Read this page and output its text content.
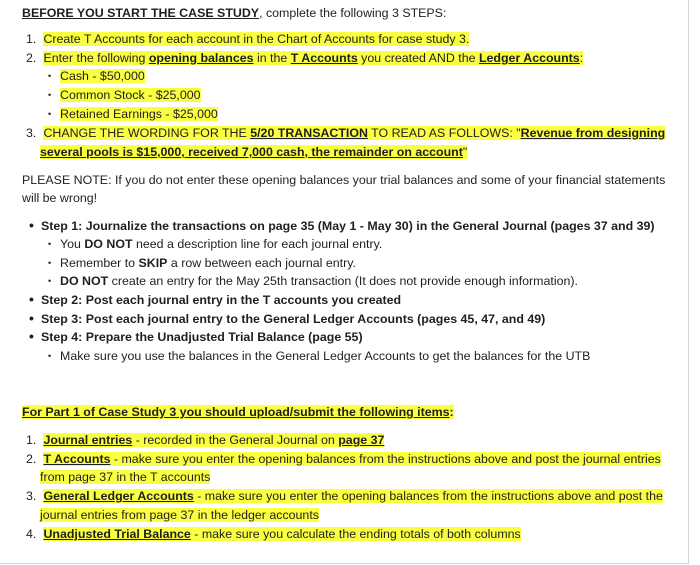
BEFORE YOU START THE CASE STUDY, complete the following 3 STEPS:
1. Create T Accounts for each account in the Chart of Accounts for case study 3.
2. Enter the following opening balances in the T Accounts you created AND the Ledger Accounts:
• Cash - $50,000
• Common Stock - $25,000
• Retained Earnings - $25,000
3. CHANGE THE WORDING FOR THE 5/20 TRANSACTION TO READ AS FOLLOWS: "Revenue from designing
several pools is $15,000, received 7,000 cash, the remainder on account"
PLEASE NOTE: If you do not enter these opening balances your trial balances and some of your financial statements
will be wrong!
• Step 1: Journalize the transactions on page 35 (May 1 - May 30) in the General Journal (pages 37 and 39)
• You DO NOT need a description line for each journal entry.
• Remember to SKIP a row between each journal entry.
• DO NOT create an entry for the May 25th transaction (It does not provide enough information).
• Step 2: Post each journal entry in the T accounts you created
• Step 3: Post each journal entry to the General Ledger Accounts (pages 45, 47, and 49)
• Step 4: Prepare the Unadjusted Trial Balance (page 55)
• Make sure you use the balances in the General Ledger Accounts to get the balances for the UTB
For Part 1 of Case Study 3 you should upload/submit the following items:
1. Journal entries - recorded in the General Journal on page 37
2. T Accounts - make sure you enter the opening balances from the instructions above and post the journal entries
from page 37 in the T accounts
3. General Ledger Accounts - make sure you enter the opening balances from the instructions above and post the
journal entries from page 37 in the ledger accounts
4. Unadjusted Trial Balance - make sure you calculate the ending totals of both columns
